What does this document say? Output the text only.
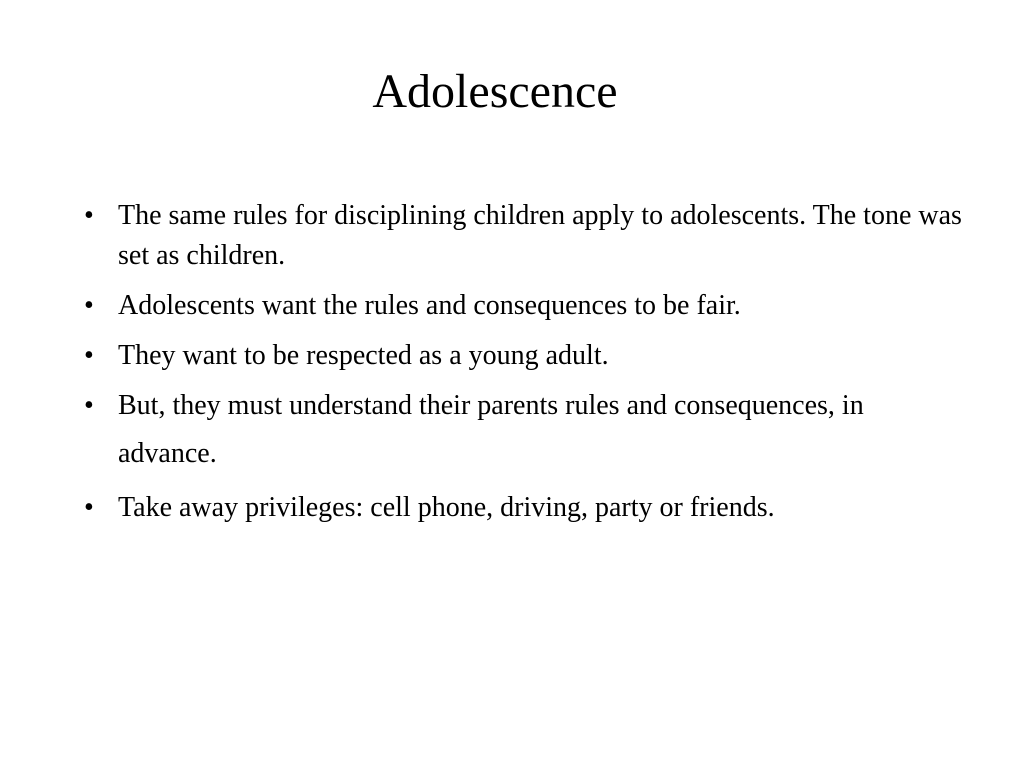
Adolescence
• The same rules for disciplining children apply to adolescents. The tone was set as children.
• Adolescents want the rules and consequences to be fair.
• They want to be respected as a young adult.
• But, they must understand their parents rules and consequences, in advance.
• Take away privileges: cell phone, driving, party or friends.
